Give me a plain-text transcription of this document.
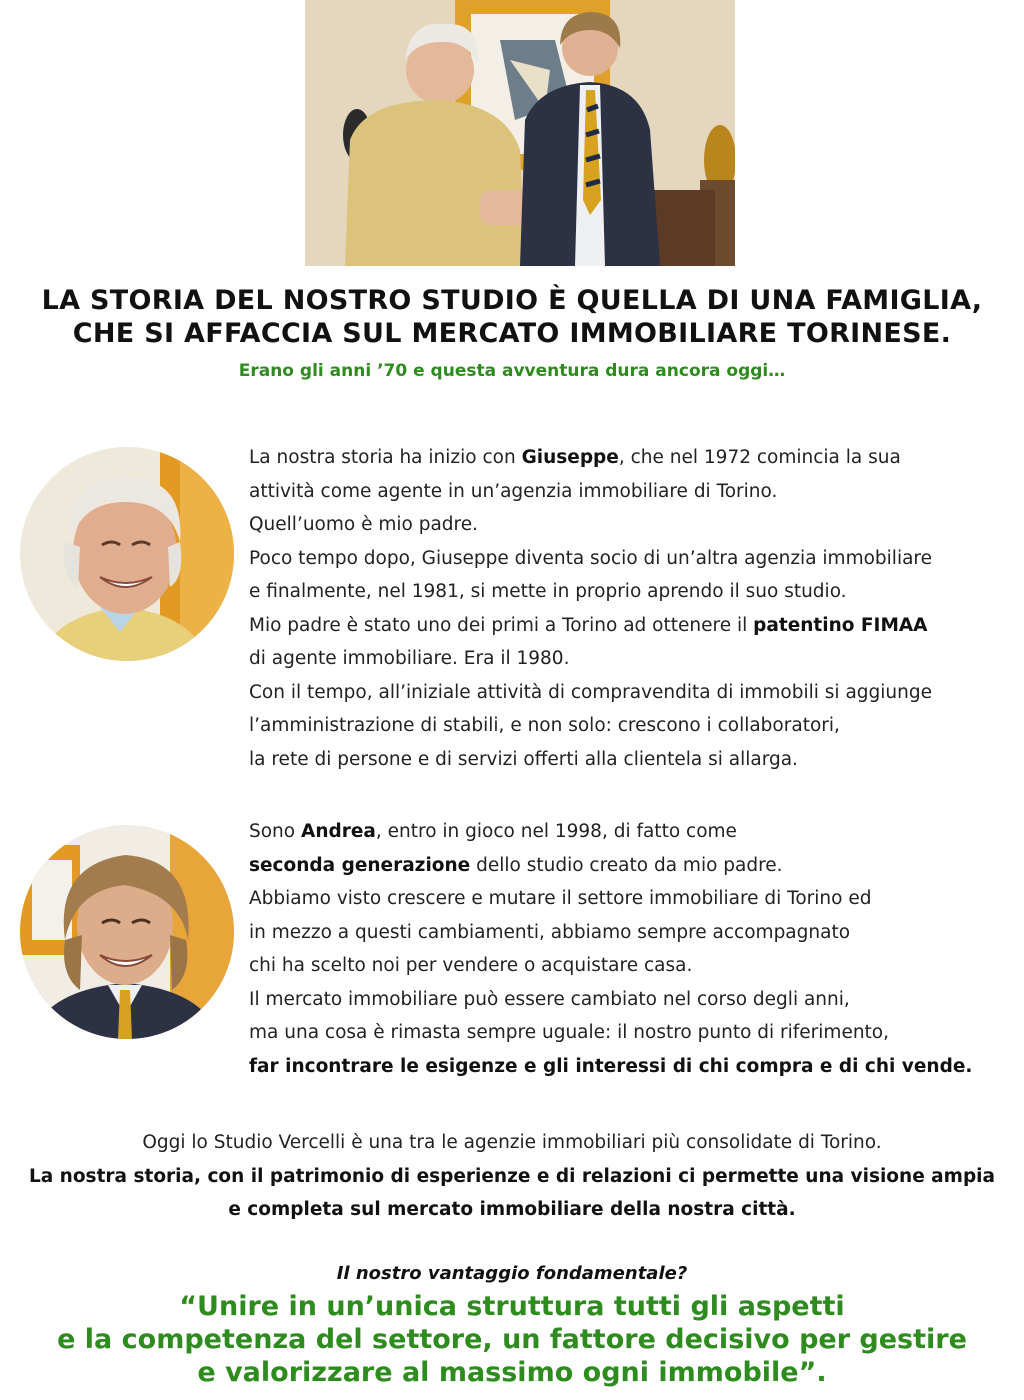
LA STORIA DEL NOSTRO STUDIO È QUELLA DI UNA FAMIGLIA,
CHE SI AFFACCIA SUL MERCATO IMMOBILIARE TORINESE.
Erano gli anni ’70 e questa avventura dura ancora oggi…

La nostra storia ha inizio con Giuseppe, che nel 1972 comincia la sua

attività come agente in un’agenzia immobiliare di Torino.

Quell’uomo è mio padre.

Poco tempo dopo, Giuseppe diventa socio di un’altra agenzia immobiliare

e finalmente, nel 1981, si mette in proprio aprendo il suo studio.

Mio padre è stato uno dei primi a Torino ad ottenere il patentino FIMAA

di agente immobiliare. Era il 1980.

Con il tempo, all’iniziale attività di compravendita di immobili si aggiunge

l’amministrazione di stabili, e non solo: crescono i collaboratori,

la rete di persone e di servizi offerti alla clientela si allarga.

Sono Andrea, entro in gioco nel 1998, di fatto come

seconda generazione dello studio creato da mio padre.

Abbiamo visto crescere e mutare il settore immobiliare di Torino ed

in mezzo a questi cambiamenti, abbiamo sempre accompagnato

chi ha scelto noi per vendere o acquistare casa.

Il mercato immobiliare può essere cambiato nel corso degli anni,

ma una cosa è rimasta sempre uguale: il nostro punto di riferimento,

far incontrare le esigenze e gli interessi di chi compra e di chi vende.

Oggi lo Studio Vercelli è una tra le agenzie immobiliari più consolidate di Torino.

La nostra storia, con il patrimonio di esperienze e di relazioni ci permette una visione ampia

e completa sul mercato immobiliare della nostra città.

Il nostro vantaggio fondamentale?

“Unire in un’unica struttura tutti gli aspetti

e la competenza del settore, un fattore decisivo per gestire

e valorizzare al massimo ogni immobile”.
